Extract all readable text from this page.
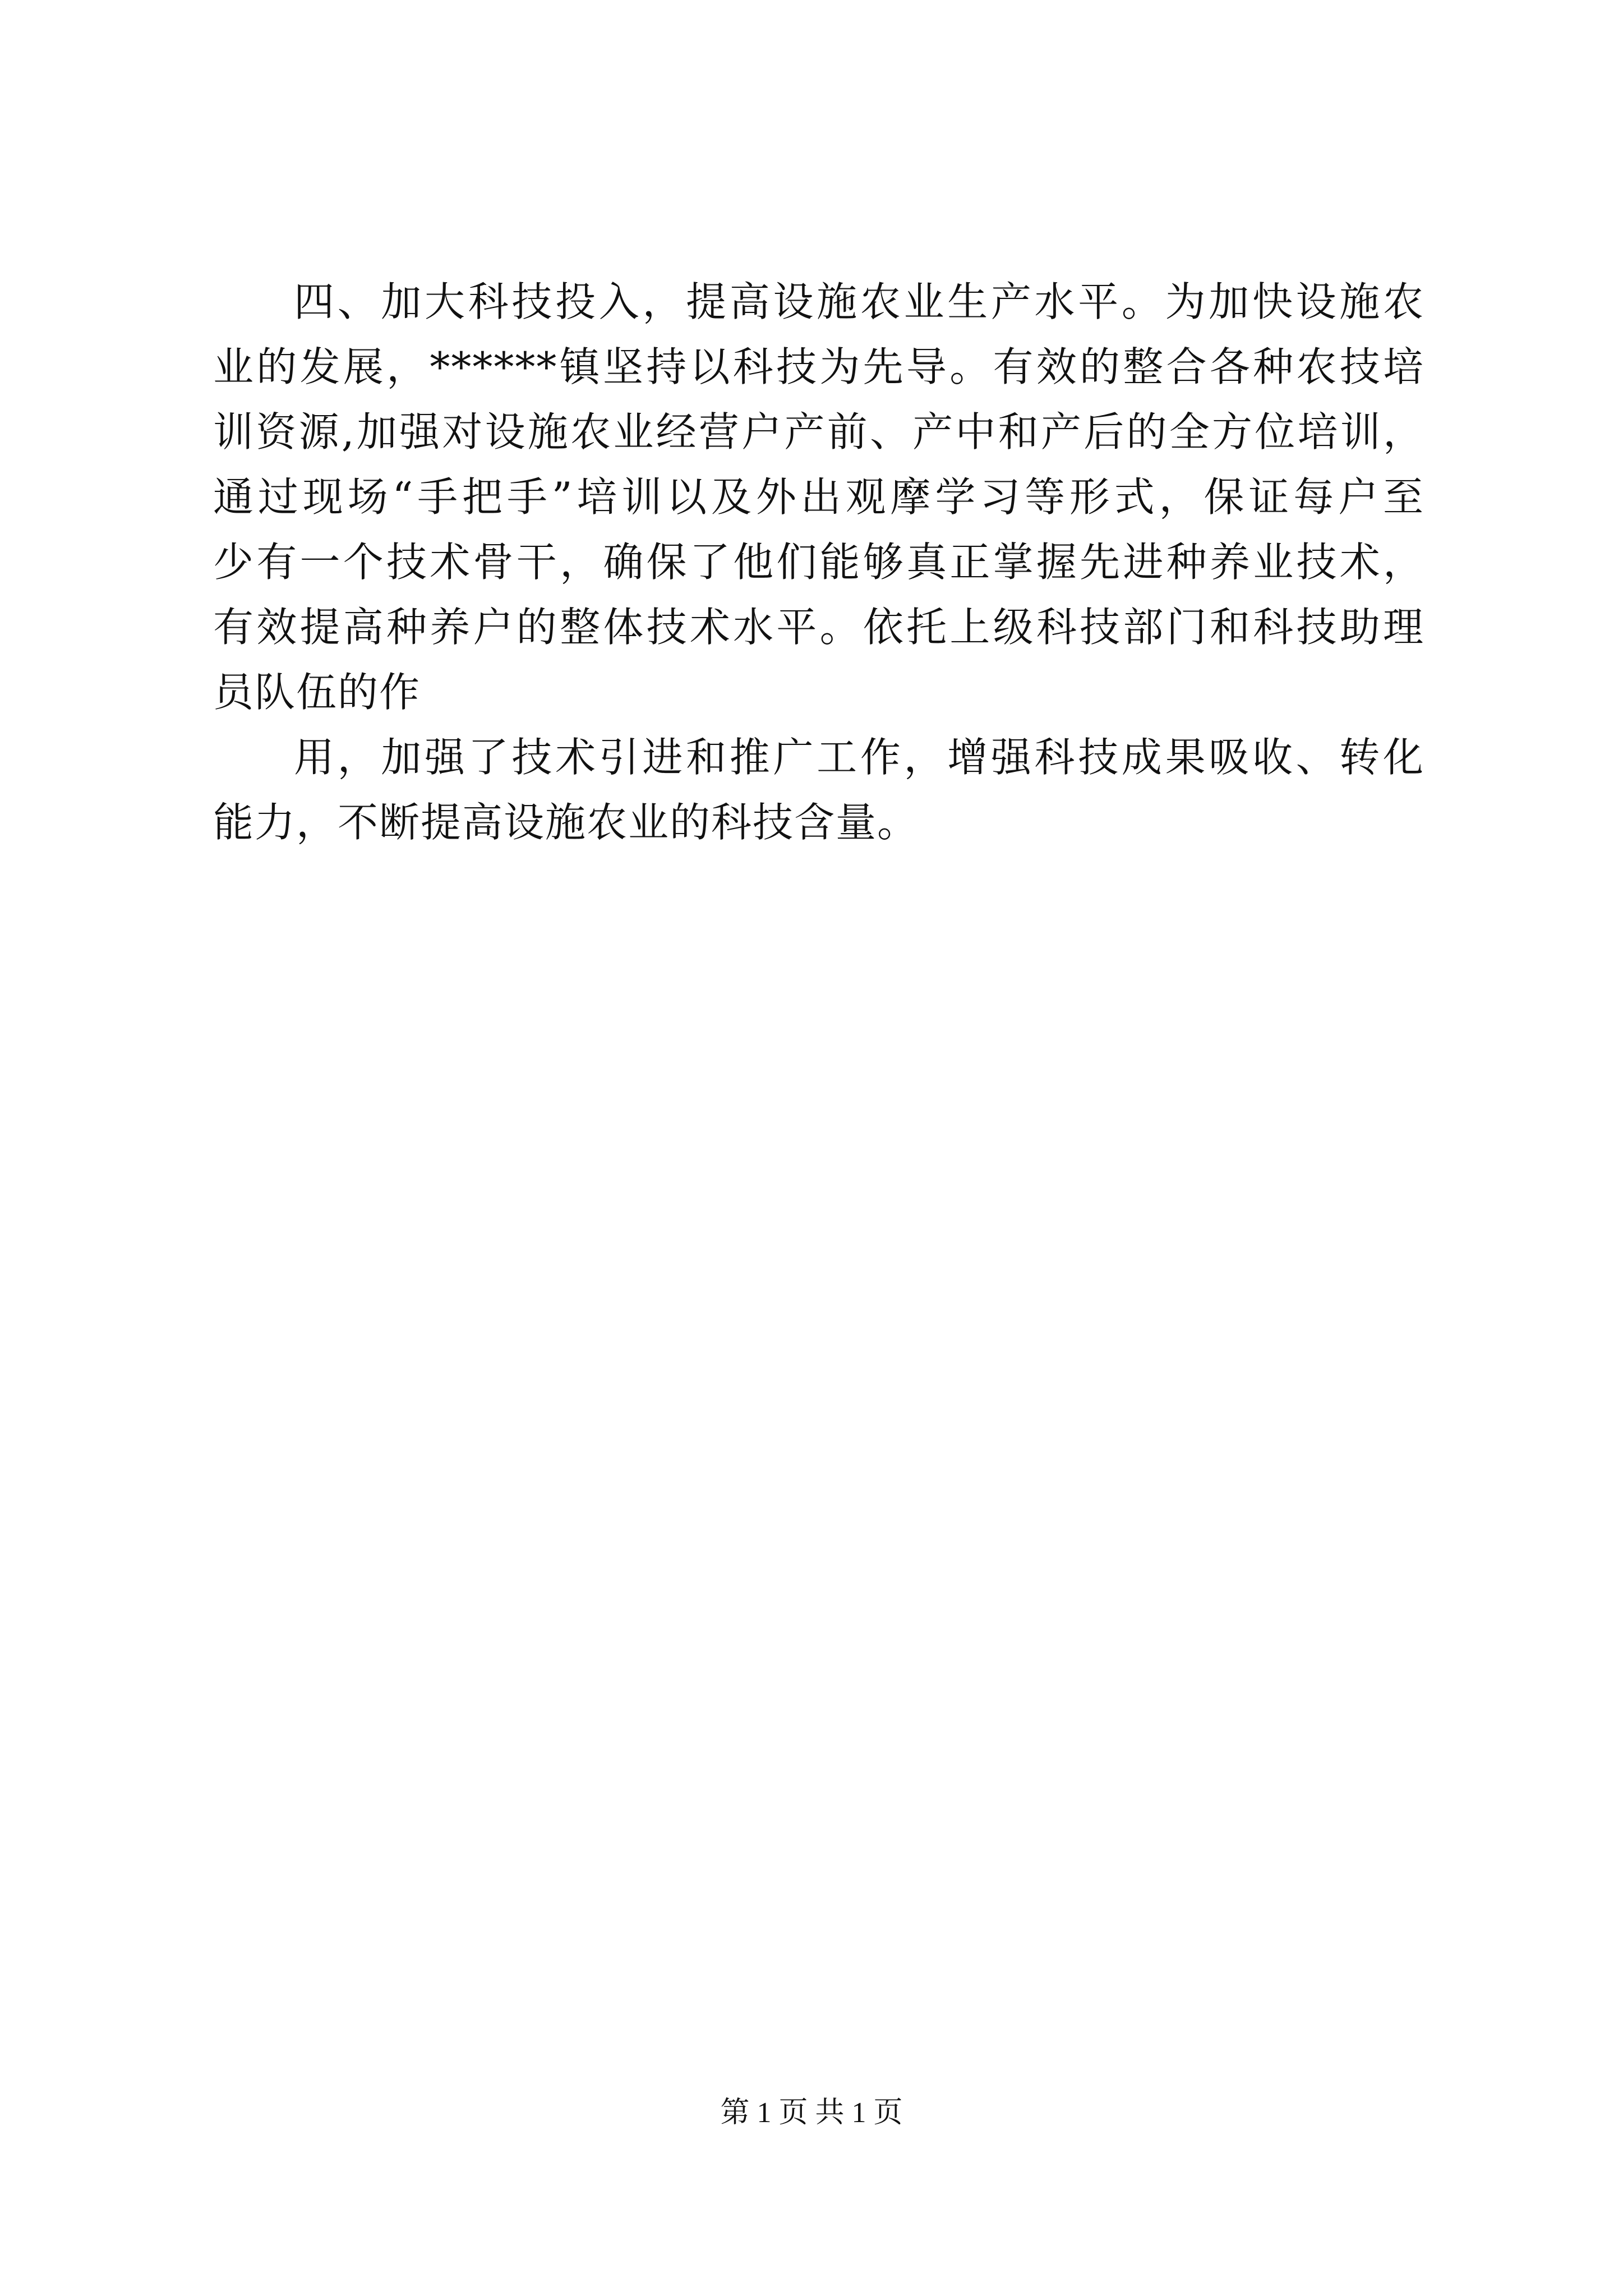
四、加大科技投入，提高设施农业生产水平。为加快设施农
业的发展，******镇坚持以科技为先导。有效的整合各种农技培
训资源,加强对设施农业经营户产前、产中和产后的全方位培训，
通过现场“手把手”培训以及外出观摩学习等形式，保证每户至
少有一个技术骨干，确保了他们能够真正掌握先进种养业技术，
有效提高种养户的整体技术水平。依托上级科技部门和科技助理
员队伍的作
用，加强了技术引进和推广工作，增强科技成果吸收、转化
能力，不断提高设施农业的科技含量。
第 1 页 共 1 页
